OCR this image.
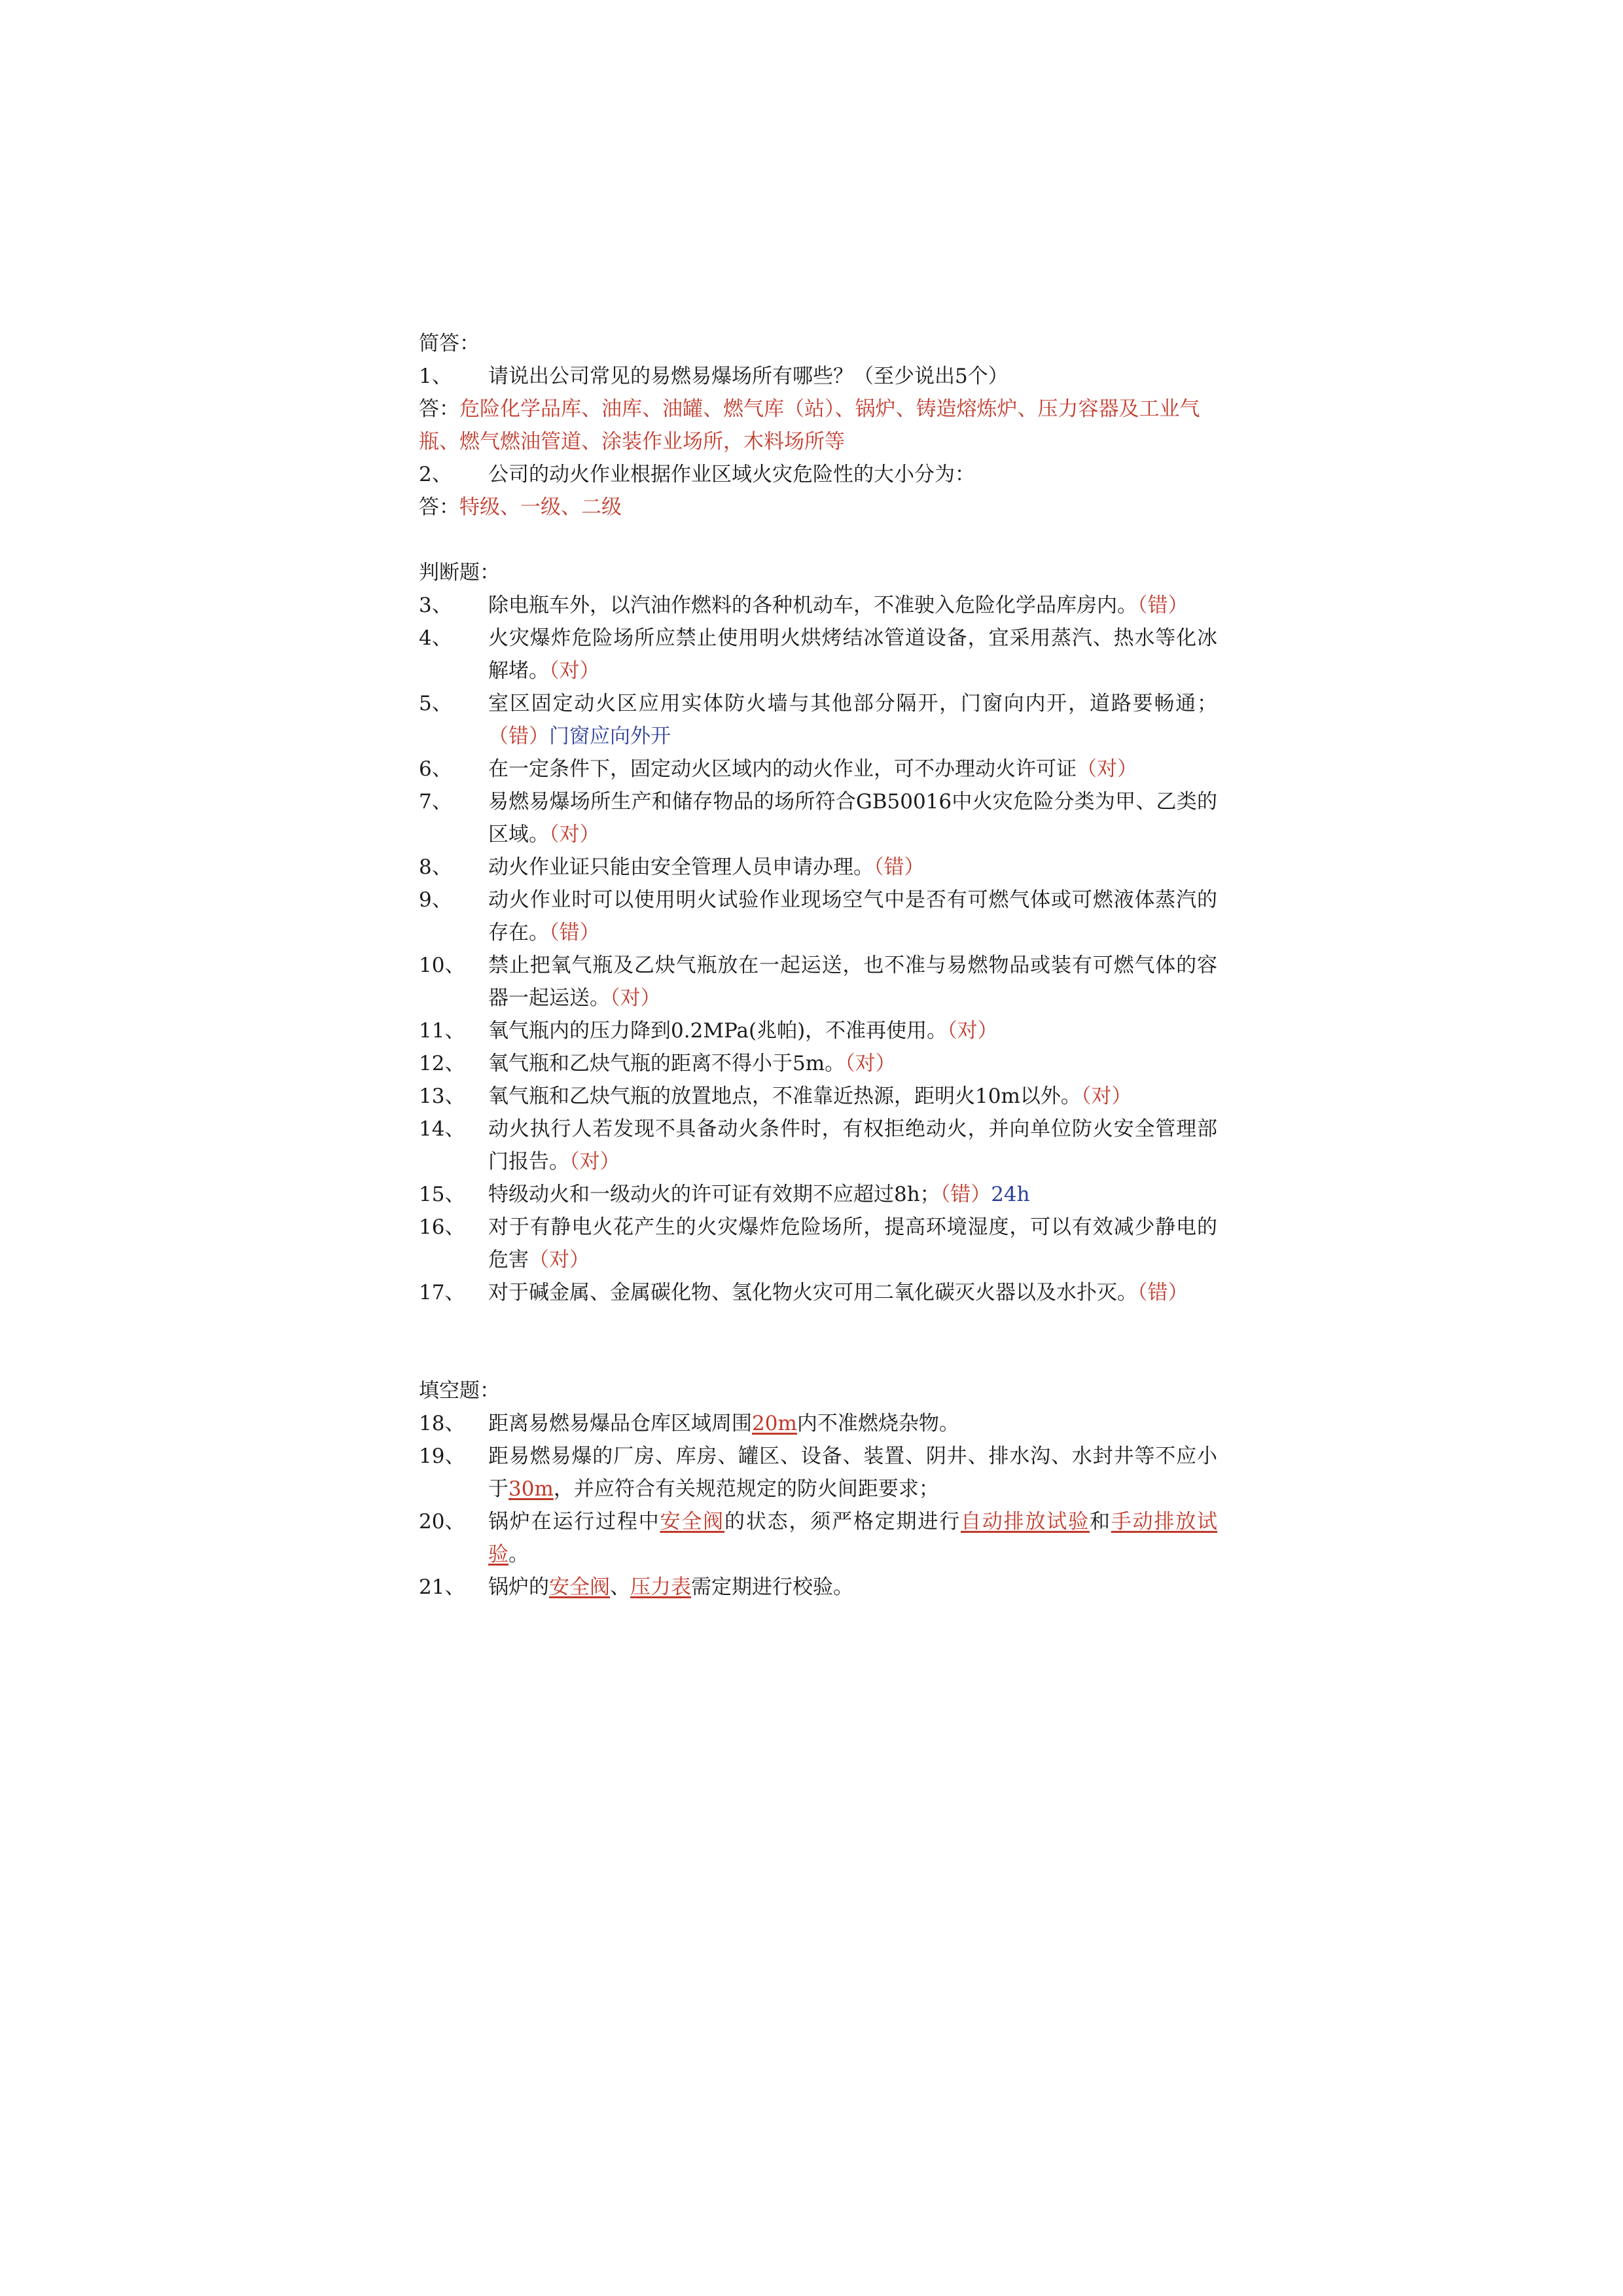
简答：
1、	请说出公司常见的易燃易爆场所有哪些？（至少说出5个）
答：危险化学品库、油库、油罐、燃气库（站）、锅炉、铸造熔炼炉、压力容器及工业气瓶、燃气燃油管道、涂装作业场所，木料场所等
2、	公司的动火作业根据作业区域火灾危险性的大小分为：
答：特级、一级、二级
判断题：
3、	除电瓶车外，以汽油作燃料的各种机动车，不准驶入危险化学品库房内。（错）
4、	火灾爆炸危险场所应禁止使用明火烘烤结冰管道设备，宜采用蒸汽、热水等化冰解堵。（对）
5、	室区固定动火区应用实体防火墙与其他部分隔开，门窗向内开，道路要畅通；（错）门窗应向外开
6、	在一定条件下，固定动火区域内的动火作业，可不办理动火许可证（对）
7、	易燃易爆场所生产和储存物品的场所符合GB50016中火灾危险分类为甲、乙类的区域。（对）
8、	动火作业证只能由安全管理人员申请办理。（错）
9、	动火作业时可以使用明火试验作业现场空气中是否有可燃气体或可燃液体蒸汽的存在。（错）
10、	禁止把氧气瓶及乙炔气瓶放在一起运送，也不准与易燃物品或装有可燃气体的容器一起运送。（对）
11、	氧气瓶内的压力降到0.2MPa(兆帕)，不准再使用。（对）
12、	氧气瓶和乙炔气瓶的距离不得小于5m。（对）
13、	氧气瓶和乙炔气瓶的放置地点，不准靠近热源，距明火10m以外。（对）
14、	动火执行人若发现不具备动火条件时，有权拒绝动火，并向单位防火安全管理部门报告。（对）
15、	特级动火和一级动火的许可证有效期不应超过8h；（错）24h
16、	对于有静电火花产生的火灾爆炸危险场所，提高环境湿度，可以有效减少静电的危害（对）
17、	对于碱金属、金属碳化物、氢化物火灾可用二氧化碳灭火器以及水扑灭。（错）
填空题：
18、	距离易燃易爆品仓库区域周围20m内不准燃烧杂物。
19、	距易燃易爆的厂房、库房、罐区、设备、装置、阴井、排水沟、水封井等不应小于30m，并应符合有关规范规定的防火间距要求；
20、	锅炉在运行过程中安全阀的状态，须严格定期进行自动排放试验和手动排放试验。
21、	锅炉的安全阀、压力表需定期进行校验。
